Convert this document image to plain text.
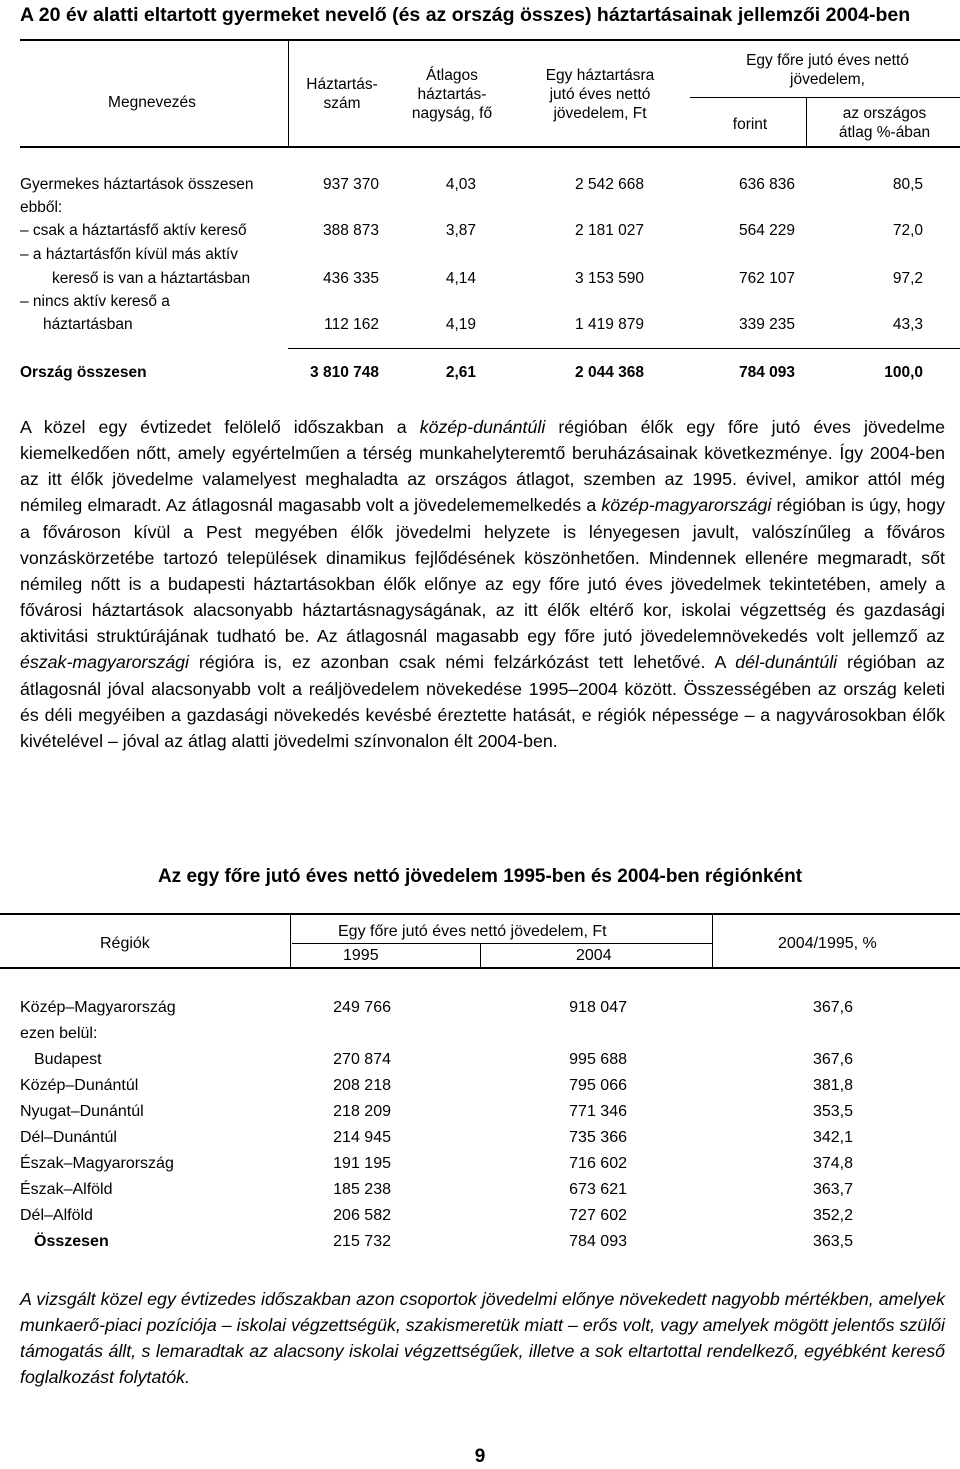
A 20 év alatti eltartott gyermeket nevelő (és az ország összes) háztartásainak jellemzői 2004-ben
Megnevezés
Háztartás-
szám
Átlagos
háztartás-
nagyság, fő
Egy háztartásra
jutó éves nettó
jövedelem, Ft
Egy főre jutó éves nettó
jövedelem,
forint
az országos
átlag %-ában
Gyermekes háztartások összesen	937 370	4,03	2 542 668	636 836	80,5
ebből:
– csak a háztartásfő aktív kereső	388 873	3,87	2 181 027	564 229	72,0
– a háztartásfőn kívül más aktív
kereső is van a háztartásban	436 335	4,14	3 153 590	762 107	97,2
– nincs aktív kereső a
háztartásban	112 162	4,19	1 419 879	339 235	43,3
Ország összesen	3 810 748	2,61	2 044 368	784 093	100,0
A közel egy évtizedet felölelő időszakban a közép-dunántúli régióban élők egy főre jutó éves jövedelme kiemelkedően nőtt, amely egyértelműen a térség munkahelyteremtő beruházásainak következménye. Így 2004-ben az itt élők jövedelme valamelyest meghaladta az országos átlagot, szemben az 1995. évivel, amikor attól még némileg elmaradt. Az átlagosnál magasabb volt a jövedelememelkedés a közép-magyarországi régióban is úgy, hogy a fővároson kívül a Pest megyében élők jövedelmi helyzete is lényegesen javult, valószínűleg a főváros vonzáskörzetébe tartozó települések dinamikus fejlődésének köszönhetően. Mindennek ellenére megmaradt, sőt némileg nőtt is a budapesti háztartásokban élők előnye az egy főre jutó éves jövedelmek tekintetében, amely a fővárosi háztartások alacsonyabb háztartásnagyságának, az itt élők eltérő kor, iskolai végzettség és gazdasági aktivitási struktúrájának tudható be. Az átlagosnál magasabb egy főre jutó jövedelemnövekedés volt jellemző az észak-magyarországi régióra is, ez azonban csak némi felzárkózást tett lehetővé. A dél-dunántúli régióban az átlagosnál jóval alacsonyabb volt a reáljövedelem növekedése 1995–2004 között. Összességében az ország keleti és déli megyéiben a gazdasági növekedés kevésbé éreztette hatását, e régiók népessége – a nagyvárosokban élők kivételével – jóval az átlag alatti jövedelmi színvonalon élt 2004-ben.
Az egy főre jutó éves nettó jövedelem 1995-ben és 2004-ben régiónként
Régiók
Egy főre jutó éves nettó jövedelem, Ft
1995	2004
2004/1995, %
Közép–Magyarország	249 766	918 047	367,6
ezen belül:
Budapest	270 874	995 688	367,6
Közép–Dunántúl	208 218	795 066	381,8
Nyugat–Dunántúl	218 209	771 346	353,5
Dél–Dunántúl	214 945	735 366	342,1
Észak–Magyarország	191 195	716 602	374,8
Észak–Alföld	185 238	673 621	363,7
Dél–Alföld	206 582	727 602	352,2
Összesen	215 732	784 093	363,5
A vizsgált közel egy évtizedes időszakban azon csoportok jövedelmi előnye növekedett nagyobb mértékben, amelyek munkaerő-piaci pozíciója – iskolai végzettségük, szakismeretük miatt – erős volt, vagy amelyek mögött jelentős szülői támogatás állt, s lemaradtak az alacsony iskolai végzettségűek, illetve a sok eltartottal rendelkező, egyébként kereső foglalkozást folytatók.
9
